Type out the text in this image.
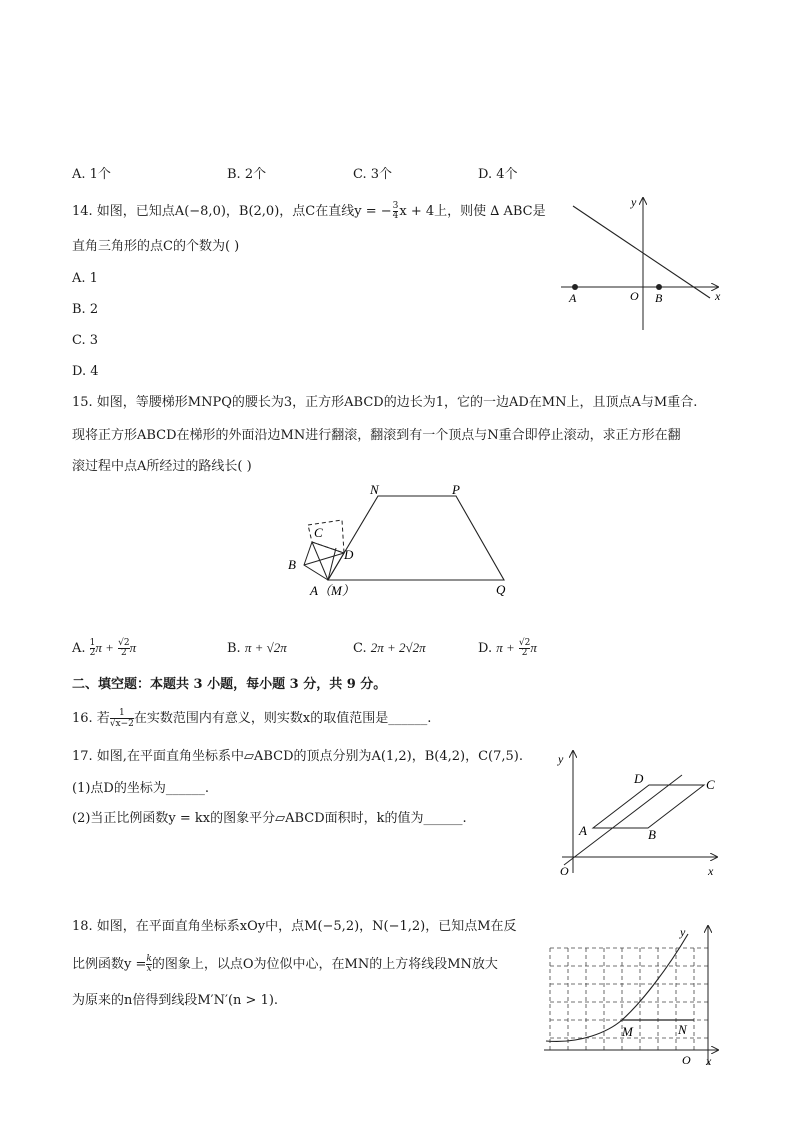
A. 1个	B. 2个	C. 3个	D. 4个
14. 如图，已知点A(−8,0)，B(2,0)，点C在直线y = − $\frac{3}{4}$ x + 4上，则使 ∆ ABC是
直角三角形的点C的个数为( )
A. 1
B. 2
C. 3
D. 4
y
x
A	O B
15. 如图，等腰梯形MNPQ的腰长为3，正方形ABCD的边长为1，它的一边AD在MN上，且顶点A与M重合.
现将正方形ABCD在梯形的外面沿边MN进行翻滚，翻滚到有一个顶点与N重合即停止滚动，求正方形在翻
滚过程中点A所经过的路线长( )
N	P
C
D
B
A（M）	Q
A. $\frac{1}{2}$ $\pi + \frac{√2}{2}$ π	B. π + √2π	C. 2π + 2√2π	D. $\pi + \frac{√2}{2}$ π
二、填空题：本题共 3 小题，每小题 3 分，共 9 分。
16. 若 $\frac{1}{√x-2}$ 在实数范围内有意义，则实数x的取值范围是______.
17. 如图,在平面直角坐标系中▱ABCD的顶点分别为A(1,2)，B(4,2)，C(7,5).
(1)点D的坐标为______.
(2)当正比例函数y = kx的图象平分▱ABCD面积时，k的值为______.
y
x
O
A	B
C
D
18. 如图，在平面直角坐标系xOy中，点M(−5,2)，N(−1,2)，已知点M在反
比例函数$y = \frac{k}{x}$ 的图象上，以点O为位似中心，在MN的上方将线段MN放大
为原来的n倍得到线段M′N′(n > 1).
y
x
O
M	N
